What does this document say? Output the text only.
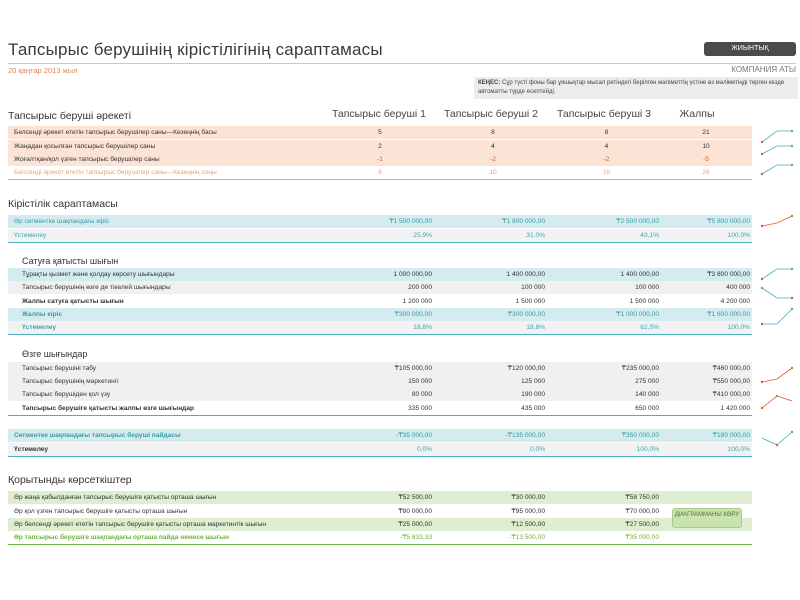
Тапсырыс берушінің кірістілігінің сараптамасы	ЖИЫНТЫҚ
20 қаңтар 2013 жыл	КОМПАНИЯ АТЫ
КЕҢЕС: Сұр түсті фоны бар ұяшықтар мысал ретіндегі берілген мәліметтің үстіне өз мәліметіңді терген кезде автоматты түрде есептейді.
Тапсырыс беруші әрекеті	Тапсырыс беруші 1	Тапсырыс беруші 2	Тапсырыс беруші 3	Жалпы
Белсенді әрекет ететін тапсырыс берушілер саны—Кезеңнің басы	5	8	8	21
Жаңадан қосылған тапсырыс берушілер саны	2	4	4	10
Жоғалтқан/қол үзген тапсырыс берушілер саны	-1	-2	-2	-5
Белсенді әрекет ететін тапсырыс берушілер саны—Кезеңнің соңы	6	10	10	26
Кірістілік сараптамасы
Әр сегментке шақпандағы кіріс	₸1 500 000,00	₸1 800 000,00	₸2 500 000,00	₸5 800 000,00
Үстемелеу	25,9%	31,0%	43,1%	100,0%
Сатуға қатысты шығын
Тұрақты қызмет және қолдау көрсету шығындары	1 000 000,00	1 400 000,00	1 400 000,00	₸3 800 000,00
Тапсырыс берушінің өзге де тікелей шығындары	200 000	100 000	100 000	400 000
Жалпы сатуға қатысты шығын	1 200 000	1 500 000	1 500 000	4 200 000
Жалпы кіріс	₸300 000,00	₸300 000,00	₸1 000 000,00	₸1 600 000,00
Үстемелеу	18,8%	18,8%	62,5%	100,0%
Өзге шығындар
Тапсырыс берушіні табу	₸105 000,00	₸120 000,00	₸235 000,00	₸460 000,00
Тапсырыс берушінің маркетингі	150 000	125 000	275 000	₸550 000,00
Тапсырыс берушіден қол үзу	80 000	190 000	140 000	₸410 000,00
Тапсырыс берушіге қатысты жалпы өзге шығындар	335 000	435 000	650 000	1 420 000
Сегментке шақпандағы тапсырыс беруші пайдасы	-₸35 000,00	-₸135 000,00	₸350 000,00	₸180 000,00
Үстемелеу	0,0%	0,0%	100,0%	100,0%
Қорытынды көрсеткіштер
Әр жаңа қабылданған тапсырыс берушіге қатысты орташа шығын	₸52 500,00	₸30 000,00	₸58 750,00
Әр қол үзген тапсырыс берушіге қатысты орташа шығын	₸80 000,00	₸95 000,00	₸70 000,00
Әр белсенді әрекет ететін тапсырыс берушіге қатысты орташа маркетинтік шығын	₸25 000,00	₸12 500,00	₸27 500,00
Әр тапсырыс берушіге шақпандағы орташа пайда немесе шығын	-₸5 833,33	-₸13 500,00	₸35 000,00
ДИАГРАММАНЫ КӨРУ
